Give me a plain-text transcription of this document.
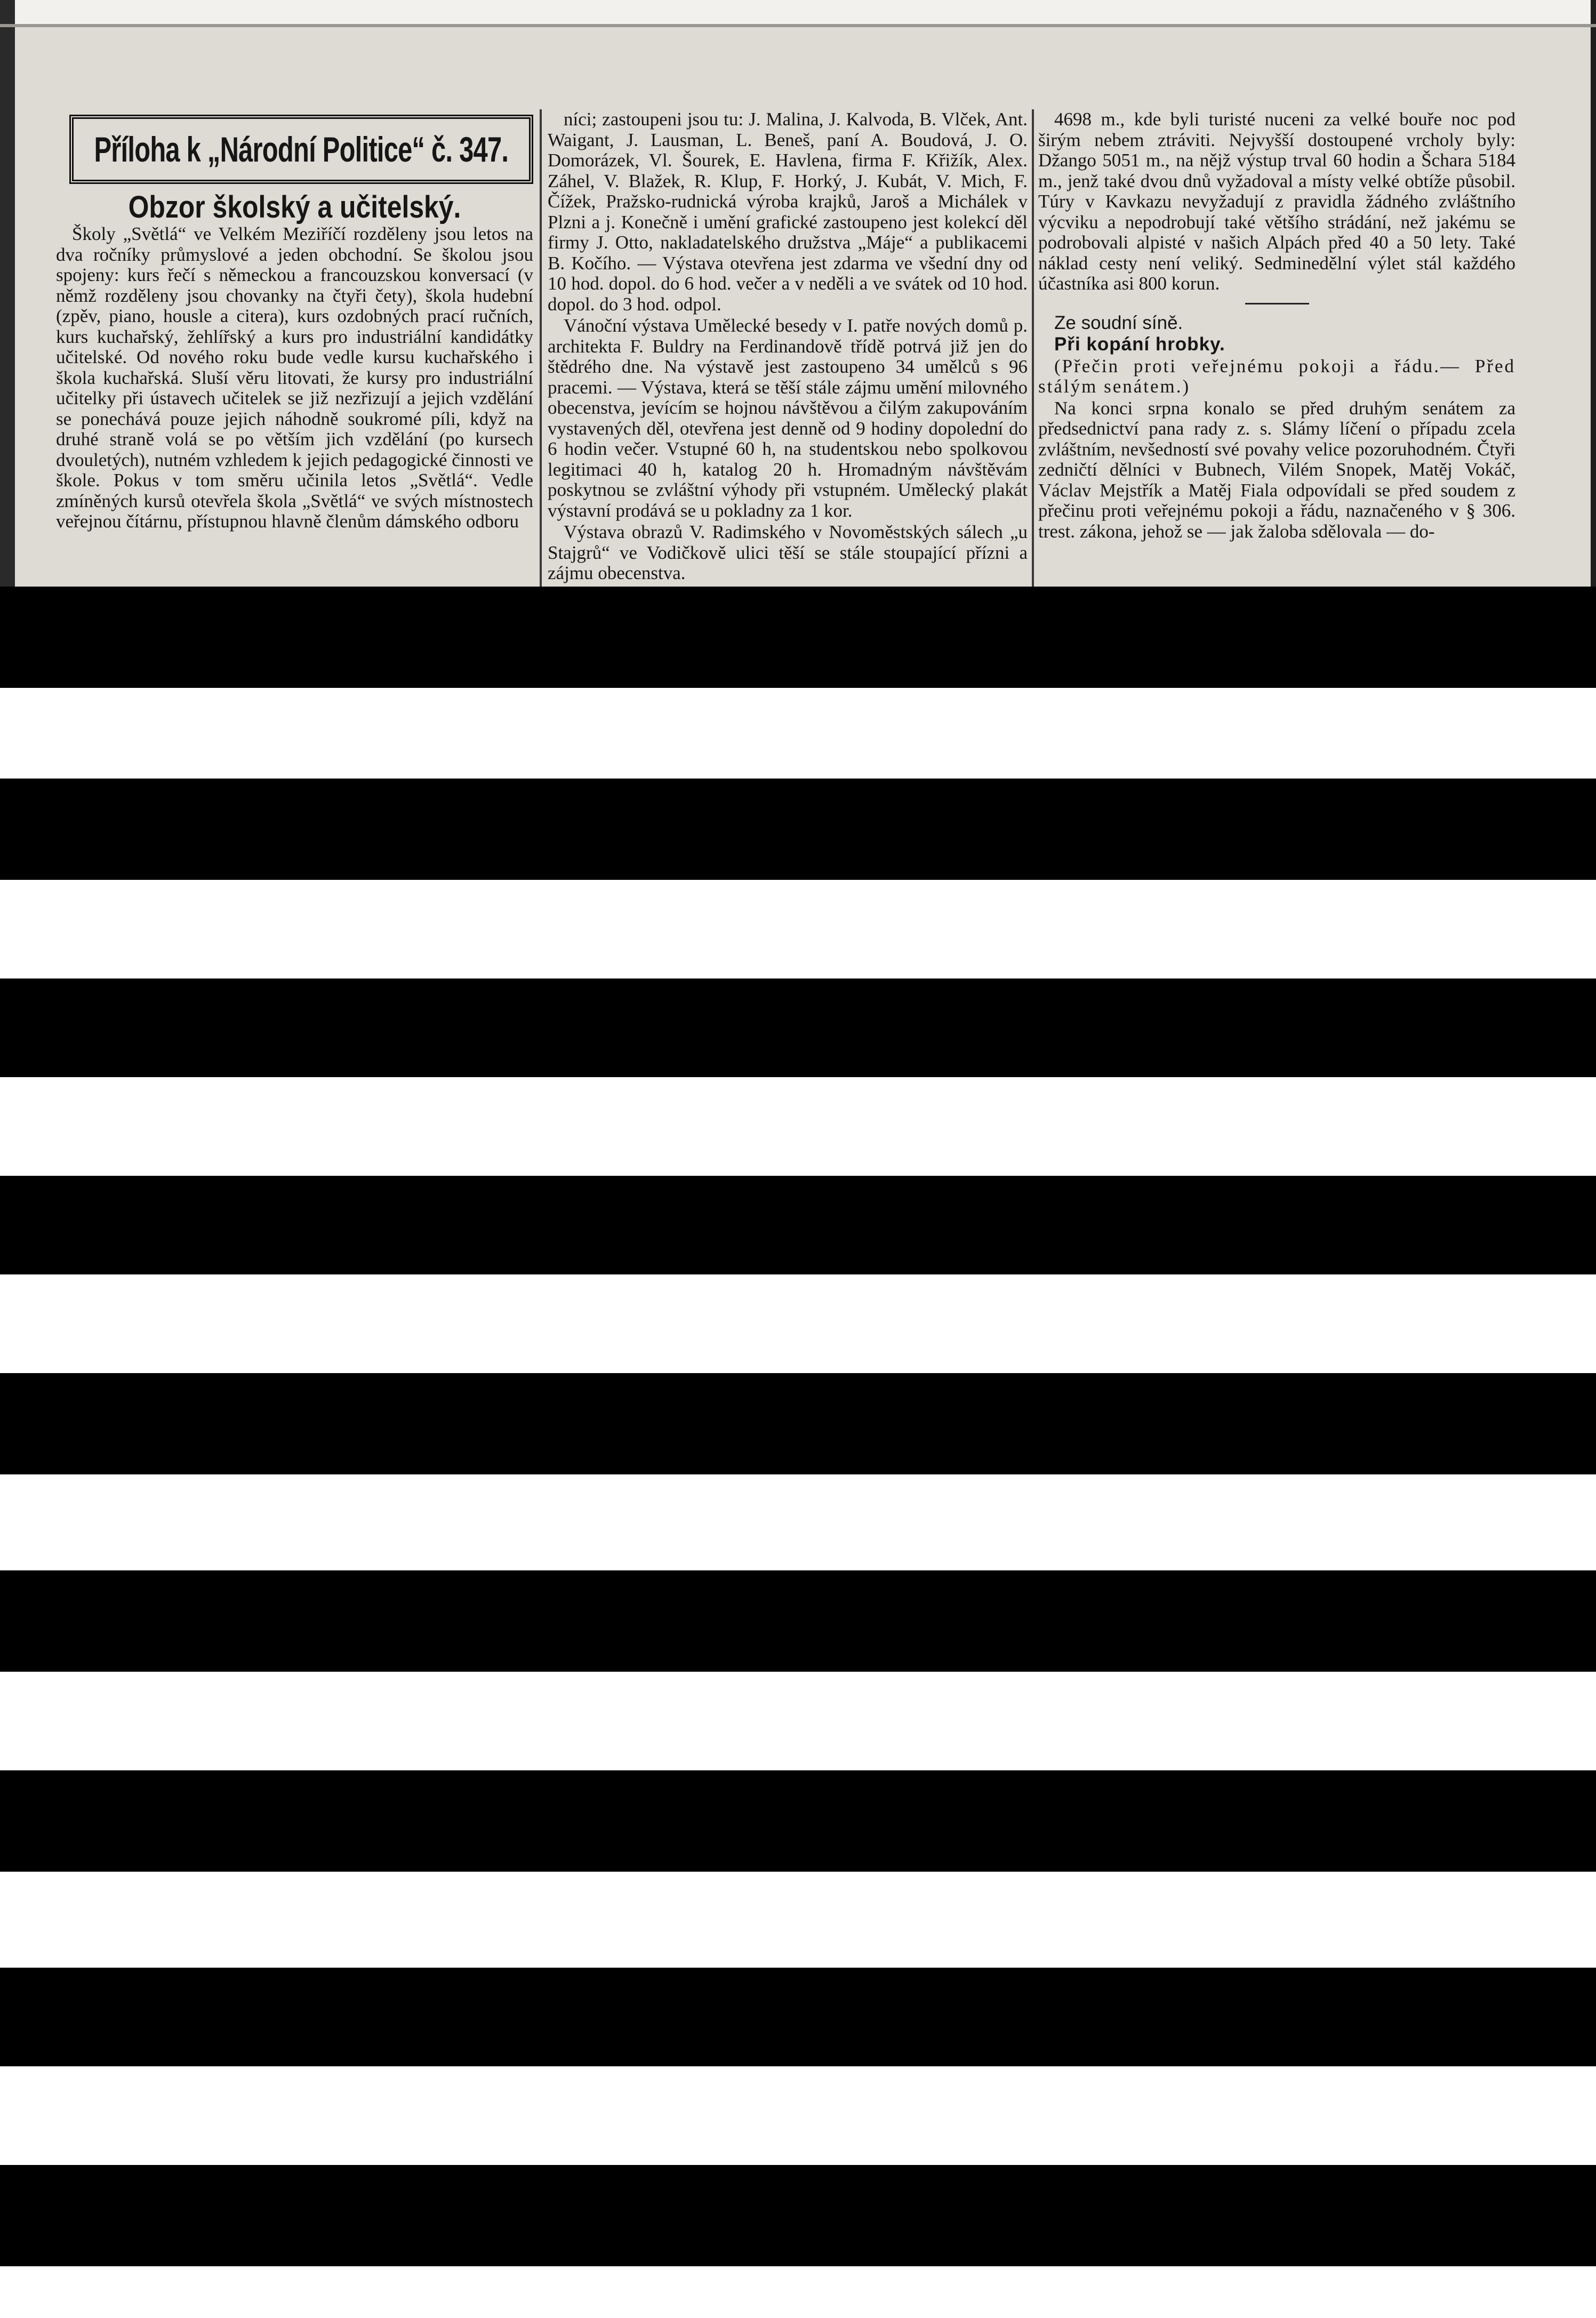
Příloha k „Národní Politice“ č. 347.
Obzor školský a učitelský.

Školy „Světlá“ ve Velkém Meziříčí rozděleny jsou letos na dva ročníky průmyslové a jeden obchodní. Se školou jsou spojeny: kurs řečí s německou a francouzskou konversací (v němž rozděleny jsou chovanky na čtyři čety), škola hudební (zpěv, piano, housle a citera), kurs ozdobných prací ručních, kurs kuchařský, žehlířský a kurs pro industriální kandidátky učitelské. Od nového roku bude vedle kursu kuchařského i škola kuchařská. Sluší věru litovati, že kursy pro industriální učitelky při ústavech učitelek se již nezřizují a jejich vzdělání se ponechává pouze jejich náhodně soukromé píli, když na druhé straně volá se po větším jich vzdělání (po kursech dvouletých), nutném vzhledem k jejich pedagogické činnosti ve škole. Pokus v tom směru učinila letos „Světlá“. Vedle zmíněných kursů otevřela škola „Světlá“ ve svých místnostech veřejnou čítárnu, přístupnou hlavně členům dámského odboru

níci; zastoupeni jsou tu: J. Malina, J. Kalvoda, B. Vlček, Ant. Waigant, J. Lausman, L. Beneš, paní A. Boudová, J. O. Domorázek, Vl. Šourek, E. Havlena, firma F. Křižík, Alex. Záhel, V. Blažek, R. Klup, F. Horký, J. Kubát, V. Mich, F. Čížek, Pražsko-rudnická výroba krajků, Jaroš a Michálek v Plzni a j. Konečně i umění grafické zastoupeno jest kolekcí děl firmy J. Otto, nakladatelského družstva „Máje“ a publikacemi B. Kočího. — Výstava otevřena jest zdarma ve všední dny od 10 hod. dopol. do 6 hod. večer a v neděli a ve svátek od 10 hod. dopol. do 3 hod. odpol.

Vánoční výstava Umělecké besedy v I. patře nových domů p. architekta F. Buldry na Ferdinandově třídě potrvá již jen do štědrého dne. Na výstavě jest zastoupeno 34 umělců s 96 pracemi. — Výstava, která se těší stále zájmu umění milovného obecenstva, jevícím se hojnou návštěvou a čilým zakupováním vystavených děl, otevřena jest denně od 9 hodiny dopolední do 6 hodin večer. Vstupné 60 h, na studentskou nebo spolkovou legitimaci 40 h, katalog 20 h. Hromadným návštěvám poskytnou se zvláštní výhody při vstupném. Umělecký plakát výstavní prodává se u pokladny za 1 kor.

Výstava obrazů V. Radimského v Novoměstských sálech „u Stajgrů“ ve Vodičkově ulici těší se stále stoupající přízni a zájmu obecenstva.

4698 m., kde byli turisté nuceni za velké bouře noc pod širým nebem ztráviti. Nejvyšší dostoupené vrcholy byly: Džango 5051 m., na nějž výstup trval 60 hodin a Šchara 5184 m., jenž také dvou dnů vyžadoval a místy velké obtíže působil. Túry v Kavkazu nevyžadují z pravidla žádného zvláštního výcviku a nepodrobují také většího strádání, než jakému se podrobovali alpisté v našich Alpách před 40 a 50 lety. Také náklad cesty není veliký. Sedminedělní výlet stál každého účastníka asi 800 korun.

Ze soudní síně.

Při kopání hrobky.

(Přečin proti veřejnému pokoji a řádu.— Před stálým senátem.)

Na konci srpna konalo se před druhým senátem za předsednictví pana rady z. s. Slámy líčení o případu zcela zvláštním, nevšedností své povahy velice pozoruhodném. Čtyři zedničtí dělníci v Bubnech, Vilém Snopek, Matěj Vokáč, Václav Mejstřík a Matěj Fiala odpovídali se před soudem z přečinu proti veřejnému pokoji a řádu, naznačeného v § 306. trest. zákona, jehož se — jak žaloba sdělovala — do-
